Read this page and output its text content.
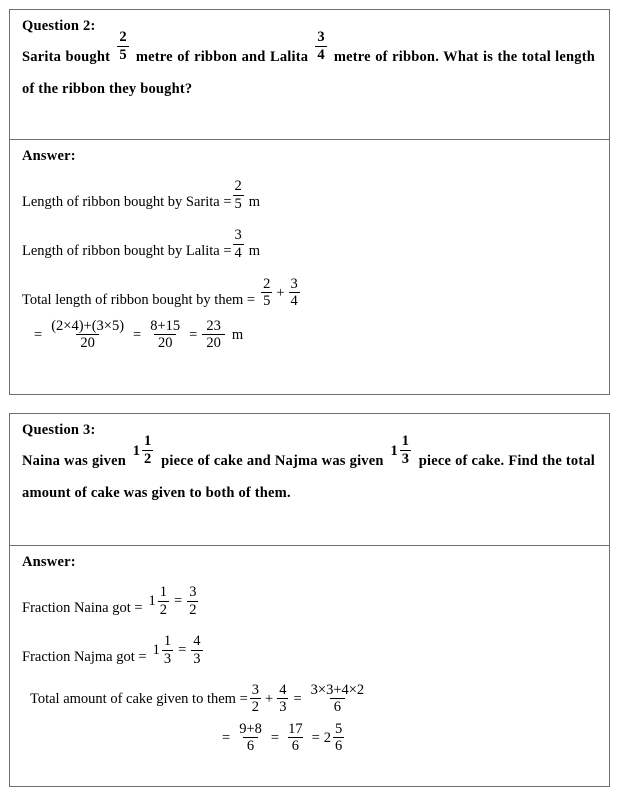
Question 2:
Sarita bought $\frac{2}{5}$ metre of ribbon and Lalita $\frac{3}{4}$ metre of ribbon. What is the total length of the ribbon they bought?
Answer:
Length of ribbon bought by Sarita = $\frac{2}{5}$ m
Length of ribbon bought by Lalita = $\frac{3}{4}$ m
Total length of ribbon bought by them = $\frac{2}{5} + \frac{3}{4}$
= $\frac{(2\times 4)+(3\times 5)}{20} = \frac{8+15}{20} = \frac{23}{20}$ m
Question 3:
Naina was given
$1 \frac{1}{2}$ piece of cake and Najma was given
$1 \frac{1}{3}$ piece of cake. Find the total amount of cake was given to both of them.
Answer:
Fraction Naina got = $1 \frac{1}{2} = \frac{3}{2}$
Fraction Najma got = $1 \frac{1}{3} = \frac{4}{3}$
Total amount of cake given to them = $\frac{3}{2} + \frac{4}{3} = \frac{3\times 3+4\times 2}{6}$
= $\frac{9+8}{6} = \frac{17}{6} = 2 \frac{5}{6}$
